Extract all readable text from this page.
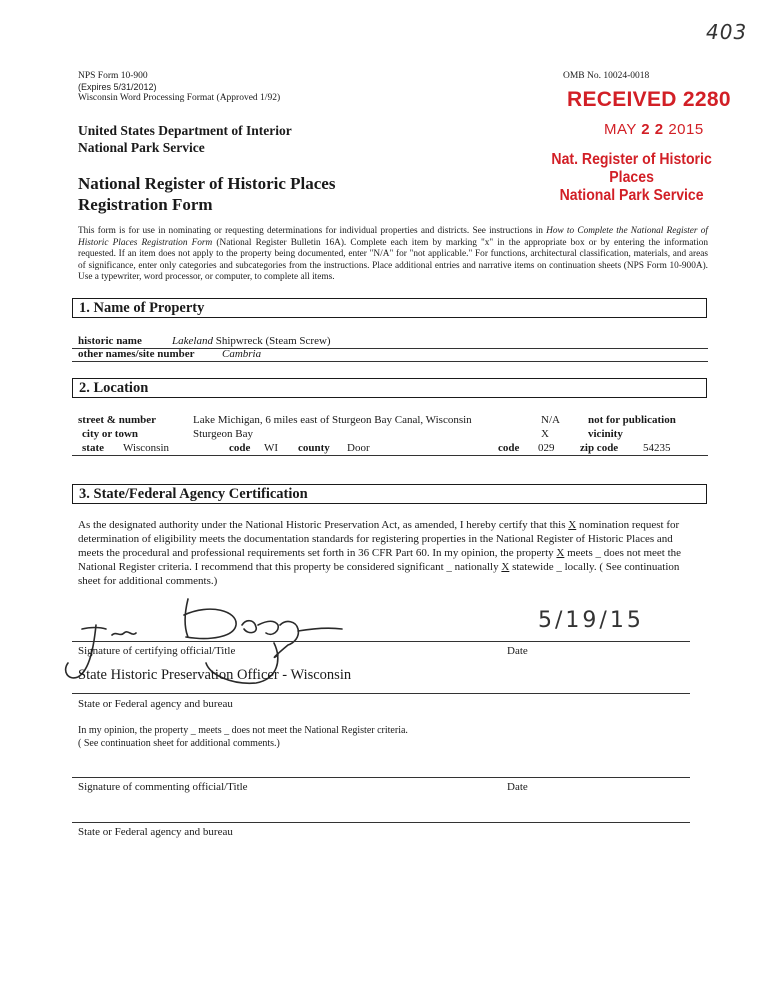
403
NPS Form 10-900
(Expires 5/31/2012)
Wisconsin Word Processing Format (Approved 1/92)
OMB No. 10024-0018
RECEIVED 2280
MAY 2 2 2015
Nat. Register of Historic Places
National Park Service
United States Department of Interior
National Park Service
National Register of Historic Places
Registration Form
This form is for use in nominating or requesting determinations for individual properties and districts. See instructions in How to Complete the National Register of Historic Places Registration Form (National Register Bulletin 16A). Complete each item by marking "x" in the appropriate box or by entering the information requested. If an item does not apply to the property being documented, enter "N/A" for "not applicable." For functions, architectural classification, materials, and areas of significance, enter only categories and subcategories from the instructions. Place additional entries and narrative items on continuation sheets (NPS Form 10-900A). Use a typewriter, word processor, or computer, to complete all items.
1. Name of Property
historic name	Lakeland Shipwreck (Steam Screw)
other names/site number Cambria
2. Location
street & number	Lake Michigan, 6 miles east of Sturgeon Bay Canal, Wisconsin	N/A	not for publication
city or town	Sturgeon Bay	X	vicinity
state Wisconsin	code WI county Door	code 029 zip code 54235
3. State/Federal Agency Certification
As the designated authority under the National Historic Preservation Act, as amended, I hereby certify that this X nomination request for determination of eligibility meets the documentation standards for registering properties in the National Register of Historic Places and meets the procedural and professional requirements set forth in 36 CFR Part 60. In my opinion, the property X meets _ does not meet the National Register criteria. I recommend that this property be considered significant _ nationally X statewide _ locally. ( See continuation sheet for additional comments.)
Signature of certifying official/Title	Date
5/19/15
State Historic Preservation Officer - Wisconsin
State or Federal agency and bureau
In my opinion, the property _ meets _ does not meet the National Register criteria.
( See continuation sheet for additional comments.)
Signature of commenting official/Title	Date
State or Federal agency and bureau
